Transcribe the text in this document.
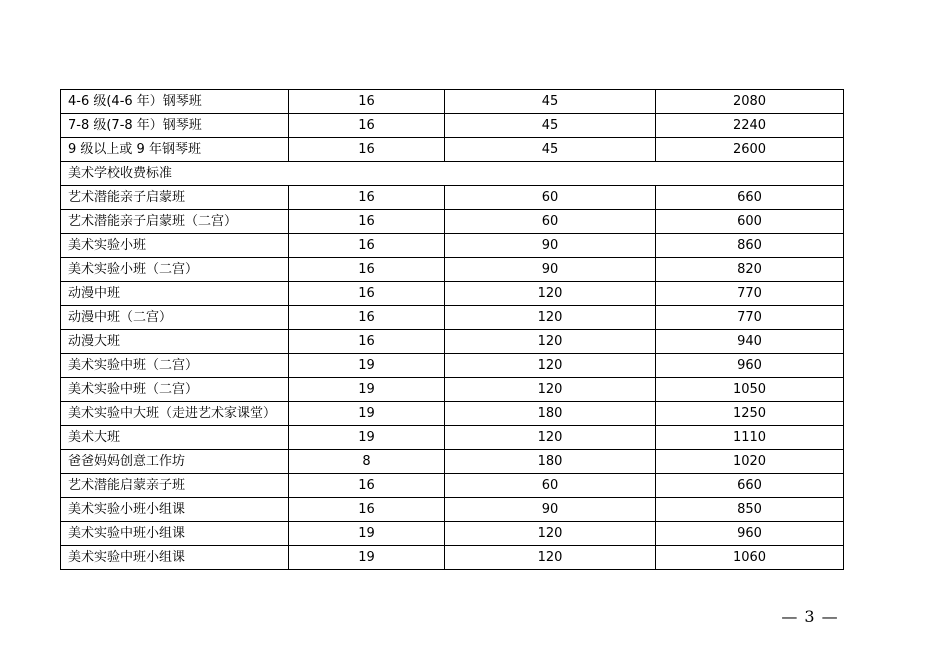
4-6 级(4-6 年）钢琴班	16	45	2080
7-8 级(7-8 年）钢琴班	16	45	2240
9 级以上或 9 年钢琴班	16	45	2600
美术学校收费标准			
艺术潜能亲子启蒙班	16	60	660
艺术潜能亲子启蒙班（二宫）	16	60	600
美术实验小班	16	90	860
美术实验小班（二宫）	16	90	820
动漫中班	16	120	770
动漫中班（二宫）	16	120	770
动漫大班	16	120	940
美术实验中班（二宫）	19	120	960
美术实验中班（二宫）	19	120	1050
美术实验中大班（走进艺术家课堂）	19	180	1250
美术大班	19	120	1110
爸爸妈妈创意工作坊	8	180	1020
艺术潜能启蒙亲子班	16	60	660
美术实验小班小组课	16	90	850
美术实验中班小组课	19	120	960
美术实验中班小组课	19	120	1060
— 3 —
